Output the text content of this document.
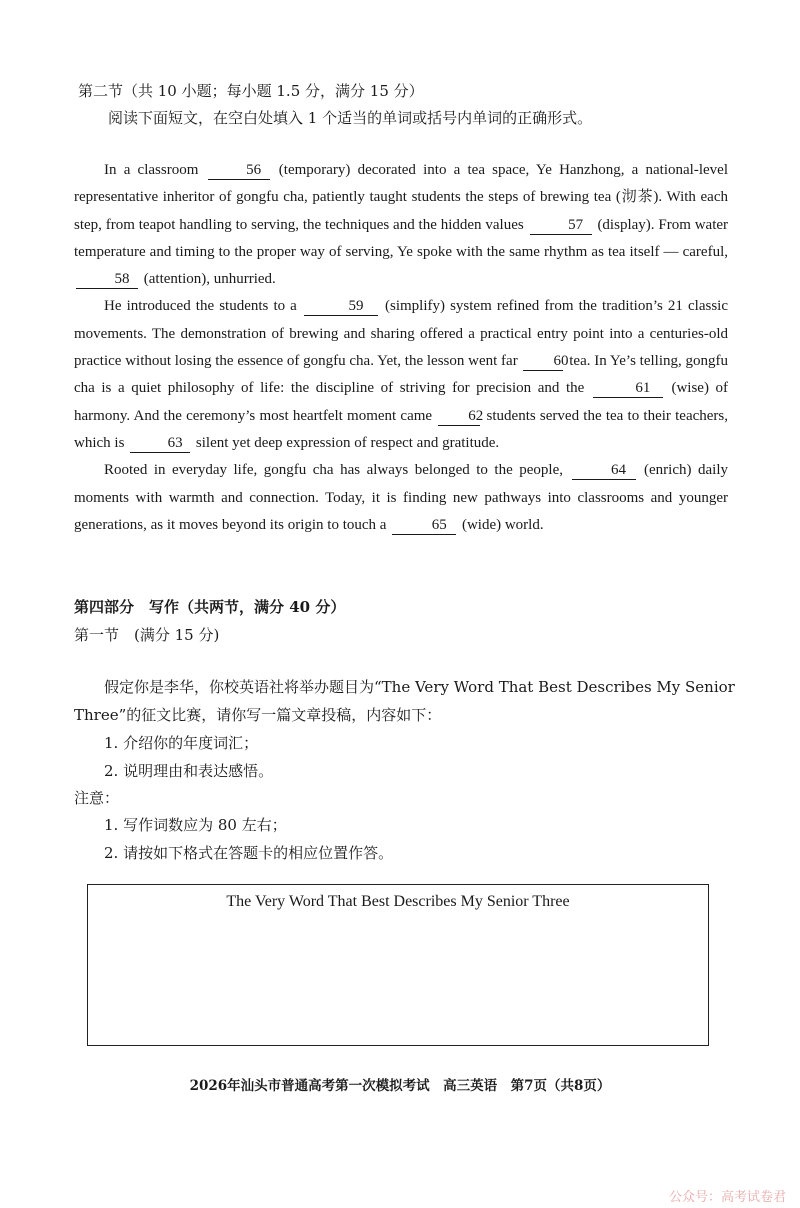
第二节（共 10 小题；每小题 1.5 分，满分 15 分）
阅读下面短文，在空白处填入 1 个适当的单词或括号内单词的正确形式。
In a classroom	56 (temporary) decorated into a tea space, Ye Hanzhong, a national-level representative inheritor of gongfu cha, patiently taught students the steps of brewing tea (沏茶). With each step, from teapot handling to serving, the techniques and the hidden values	57 (display). From water temperature and timing to the proper way of serving, Ye spoke with the same rhythm as tea itself — careful, 58 (attention), unhurried.
He introduced the students to a	59 (simplify) system refined from the tradition’s 21 classic movements. The demonstration of brewing and sharing offered a practical entry point into a centuries-old practice without losing the essence of gongfu cha. Yet, the lesson went far 60 tea. In Ye’s telling, gongfu cha is a quiet philosophy of life: the discipline of striving for precision and the	61 (wise) of harmony. And the ceremony’s most heartfelt moment came 62 students served the tea to their teachers, which is	63 silent yet deep expression of respect and gratitude.
Rooted in everyday life, gongfu cha has always belonged to the people,	64 (enrich) daily moments with warmth and connection. Today, it is finding new pathways into classrooms and younger generations, as it moves beyond its origin to touch a	65 (wide) world.
第四部分　写作（共两节，满分 40 分）
第一节　(满分 15 分)
假定你是李华，你校英语社将举办题目为“The Very Word That Best Describes My Senior
Three”的征文比赛，请你写一篇文章投稿，内容如下：
1. 介绍你的年度词汇；
2. 说明理由和表达感悟。
注意：
1. 写作词数应为 80 左右；
2. 请按如下格式在答题卡的相应位置作答。
The Very Word That Best Describes My Senior Three
2026年汕头市普通高考第一次模拟考试　高三英语　第7页（共8页）
公众号：高考试卷君
